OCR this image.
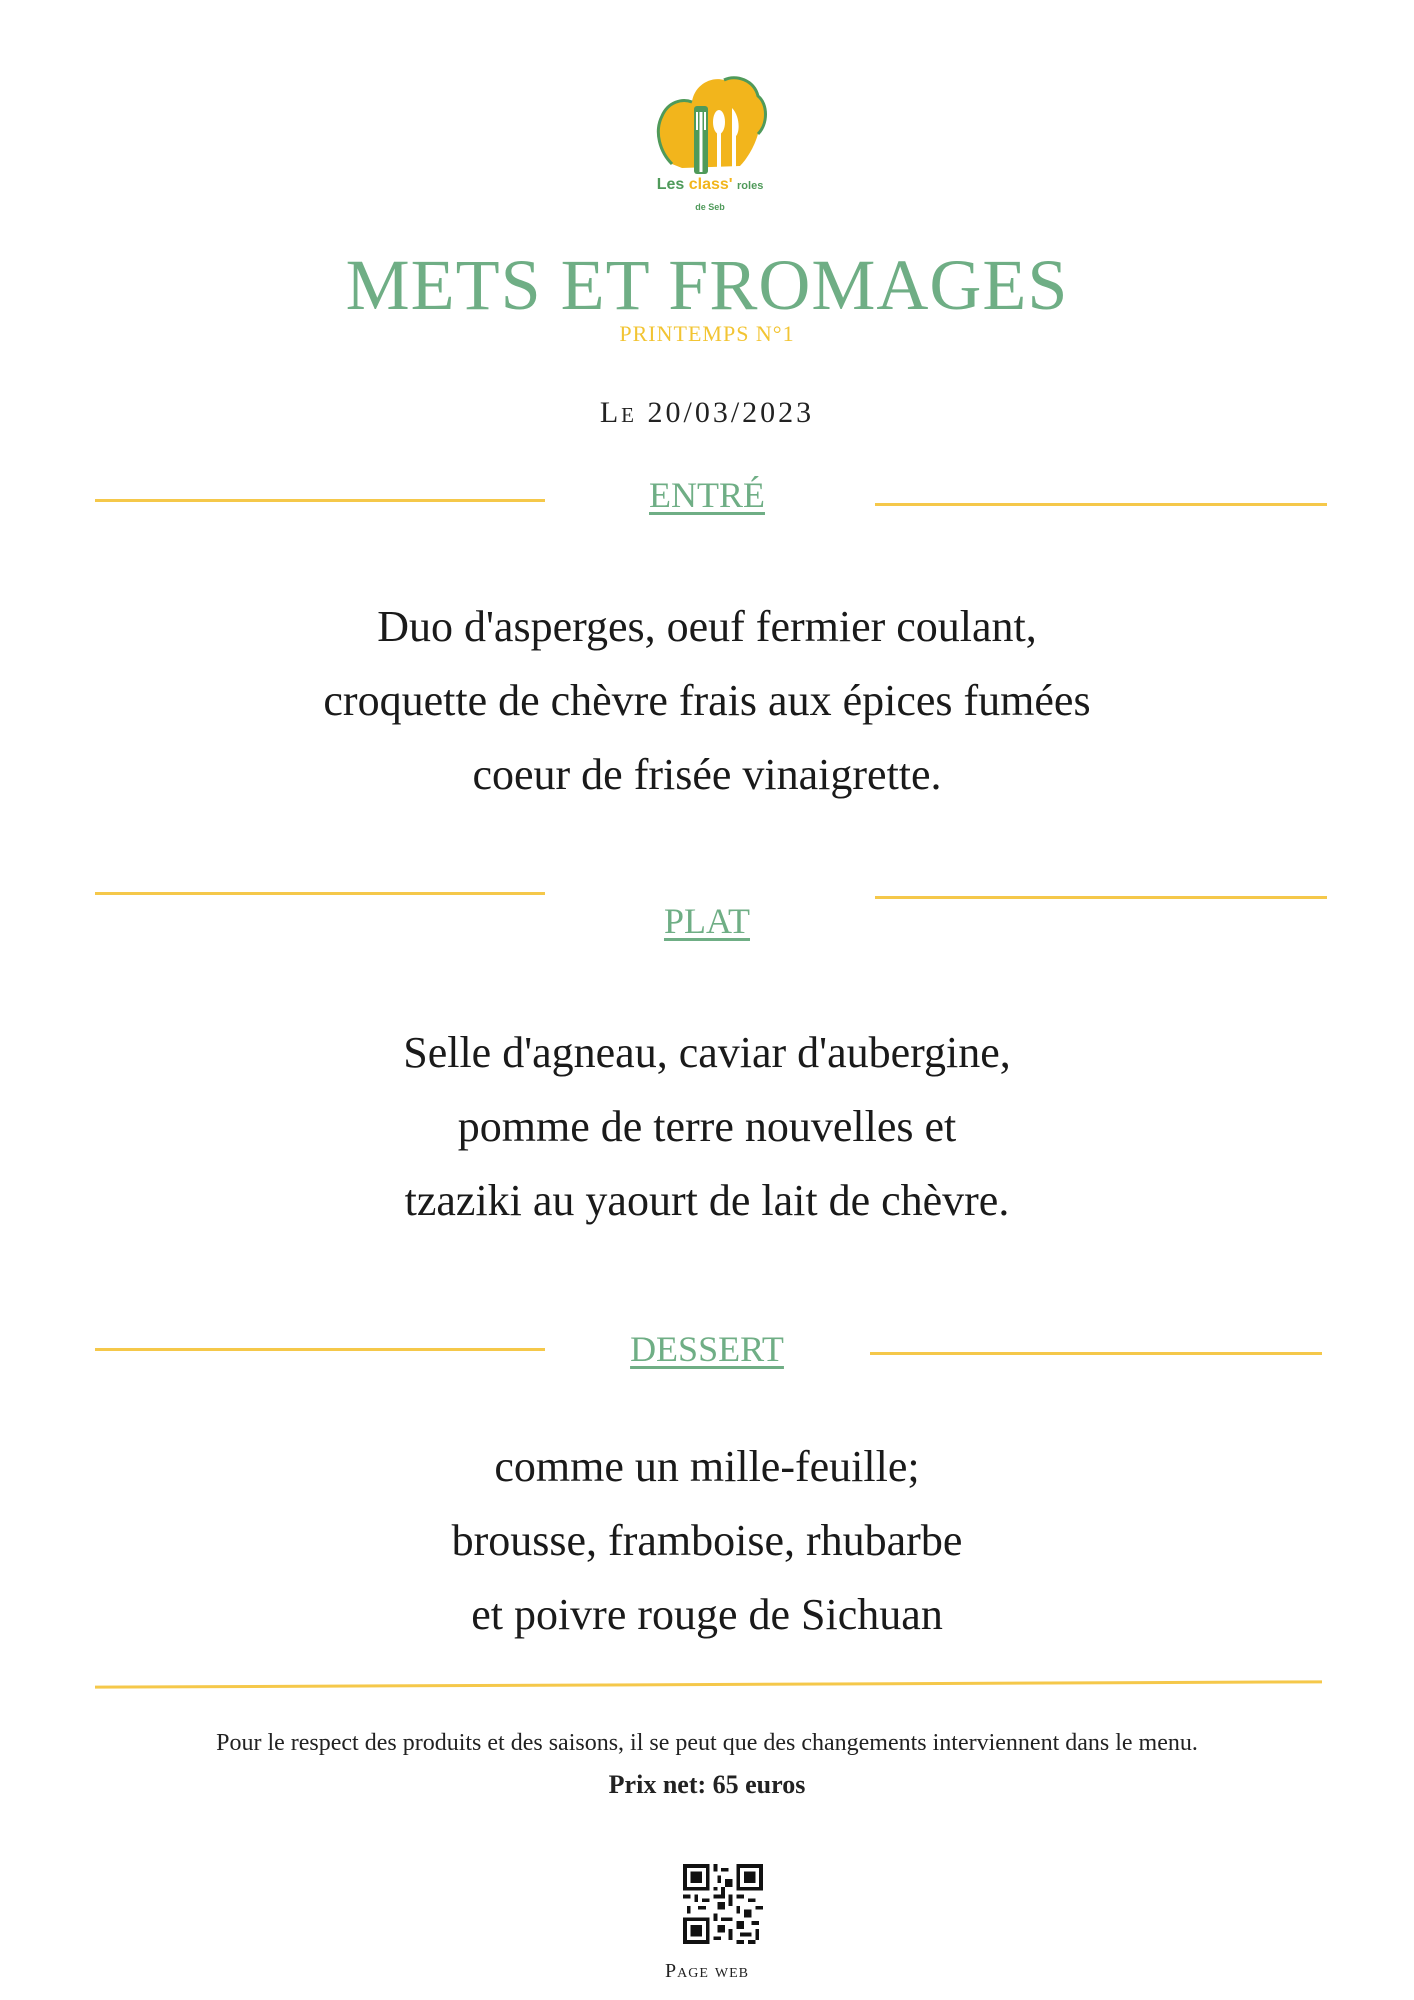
Les class' roles
de Seb
METS ET FROMAGES
PRINTEMPS N°1
Le 20/03/2023
ENTRÉ
Duo d'asperges, oeuf fermier coulant,
croquette de chèvre frais aux épices fumées
coeur de frisée vinaigrette.
PLAT
Selle d'agneau, caviar d'aubergine,
pomme de terre nouvelles et
tzaziki au yaourt de lait de chèvre.
DESSERT
comme un mille-feuille;
brousse, framboise, rhubarbe
et poivre rouge de Sichuan
Pour le respect des produits et des saisons, il se peut que des changements interviennent dans le menu.
Prix net: 65 euros
Page web
